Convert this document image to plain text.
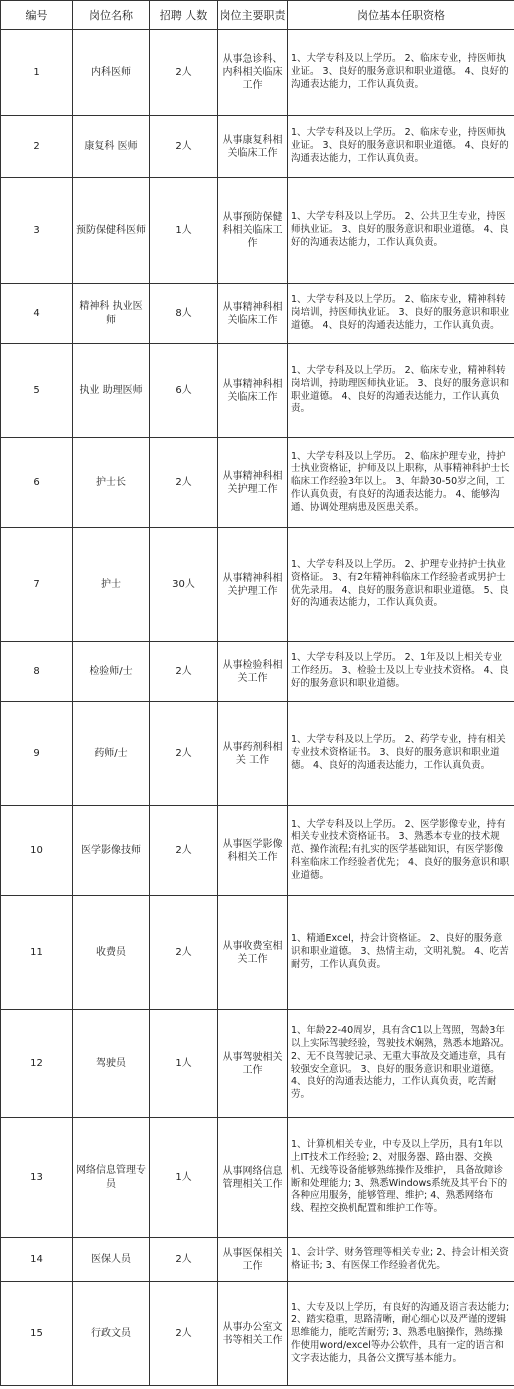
编号	岗位名称	招聘 人数	岗位主要职责	岗位基本任职资格
1	内科医师	2人	从事急诊科、内科相关临床工作	1、大学专科及以上学历。 2、临床专业，持医师执业证。 3、良好的服务意识和职业道德。 4、良好的沟通表达能力，工作认真负责。
2	康复科 医师	2人	从事康复科相关临床工作	1、大学专科及以上学历。 2、临床专业，持医师执业证。 3、良好的服务意识和职业道德。 4、良好的沟通表达能力，工作认真负责。
3	预防保健科医师	1人	从事预防保健科相关临床工作	1、大学专科及以上学历。 2、公共卫生专业，持医师执业证。 3、良好的服务意识和职业道德。 4、良好的沟通表达能力，工作认真负责。
4	精神科 执业医师	8人	从事精神科相关临床工作	1、大学专科及以上学历。 2、临床专业，精神科转岗培训，持医师执业证。 3、良好的服务意识和职业道德。 4、良好的沟通表达能力，工作认真负责。
5	执业 助理医师	6人	从事精神科相关临床工作	1、大学专科及以上学历。 2、临床专业，精神科转岗培训，持助理医师执业证。 3、良好的服务意识和职业道德。 4、良好的沟通表达能力，工作认真负责。
6	护士长	2人	从事精神科相关护理工作	1、大学专科及以上学历。 2、临床护理专业，持护士执业资格证，护师及以上职称，从事精神科护士长临床工作经验3年以上。 3、年龄30-50岁之间，工作认真负责，有良好的沟通表达能力。 4、能够沟通、协调处理病患及医患关系。
7	护士	30人	从事精神科相关护理工作	1、大学专科及以上学历。 2、护理专业持护士执业资格证。 3、有2年精神科临床工作经验者或男护士优先录用。 4、良好的服务意识和职业道德。 5、良好的沟通表达能力，工作认真负责。
8	检验师/士	2人	从事检验科相关工作	1、大学专科及以上学历。 2、1年及以上相关专业工作经历。 3、检验士及以上专业技术资格。 4、良好的服务意识和职业道德。
9	药师/士	2人	从事药剂科相关 工作	1、大学专科及以上学历。 2、药学专业，持有相关专业技术资格证书。 3、良好的服务意识和职业道德。 4、良好的沟通表达能力，工作认真负责。
10	医学影像技师	2人	从事医学影像科相关工作	1、大学专科及以上学历。 2、医学影像专业，持有相关专业技术资格证书。 3、熟悉本专业的技术规范、操作流程;有扎实的医学基础知识，有医学影像科室临床工作经验者优先； 4、良好的服务意识和职业道德。
11	收费员	2人	从事收费室相关工作	1、精通Excel，持会计资格证。 2、良好的服务意识和职业道德。 3、热情主动，文明礼貌。 4、吃苦耐劳，工作认真负责。
12	驾驶员	1人	从事驾驶相关 工作	1、年龄22-40周岁，具有含C1以上驾照，驾龄3年以上实际驾驶经验，驾驶技术娴熟，熟悉本地路况。 2、无不良驾驶记录、无重大事故及交通违章，具有较强安全意识。 3、良好的服务意识和职业道德。 4、良好的沟通表达能力，工作认真负责，吃苦耐劳。
13	网络信息管理专员	1人	从事网络信息管理相关工作	1、计算机相关专业，中专及以上学历，具有1年以上IT技术工作经验; 2、对服务器、路由器、交换机、无线等设备能够熟练操作及维护， 具备故障诊断和处理能力; 3、熟悉Windows系统及其平台下的各种应用服务，能够管理、维护; 4、熟悉网络布线、程控交换机配置和维护工作等。
14	医保人员	2人	从事医保相关工作	1、会计学、财务管理等相关专业; 2、持会计相关资格证书; 3、有医保工作经验者优先。
15	行政文员	2人	从事办公室文书等相关工作	1、大专及以上学历，有良好的沟通及语言表达能力; 2、踏实稳重，思路清晰，耐心细心以及严谨的逻辑思维能力，能吃苦耐劳; 3、熟悉电脑操作，熟练操作使用word/excel等办公软件，具有一定的语言和文字表达能力，具备公文撰写基本能力。
